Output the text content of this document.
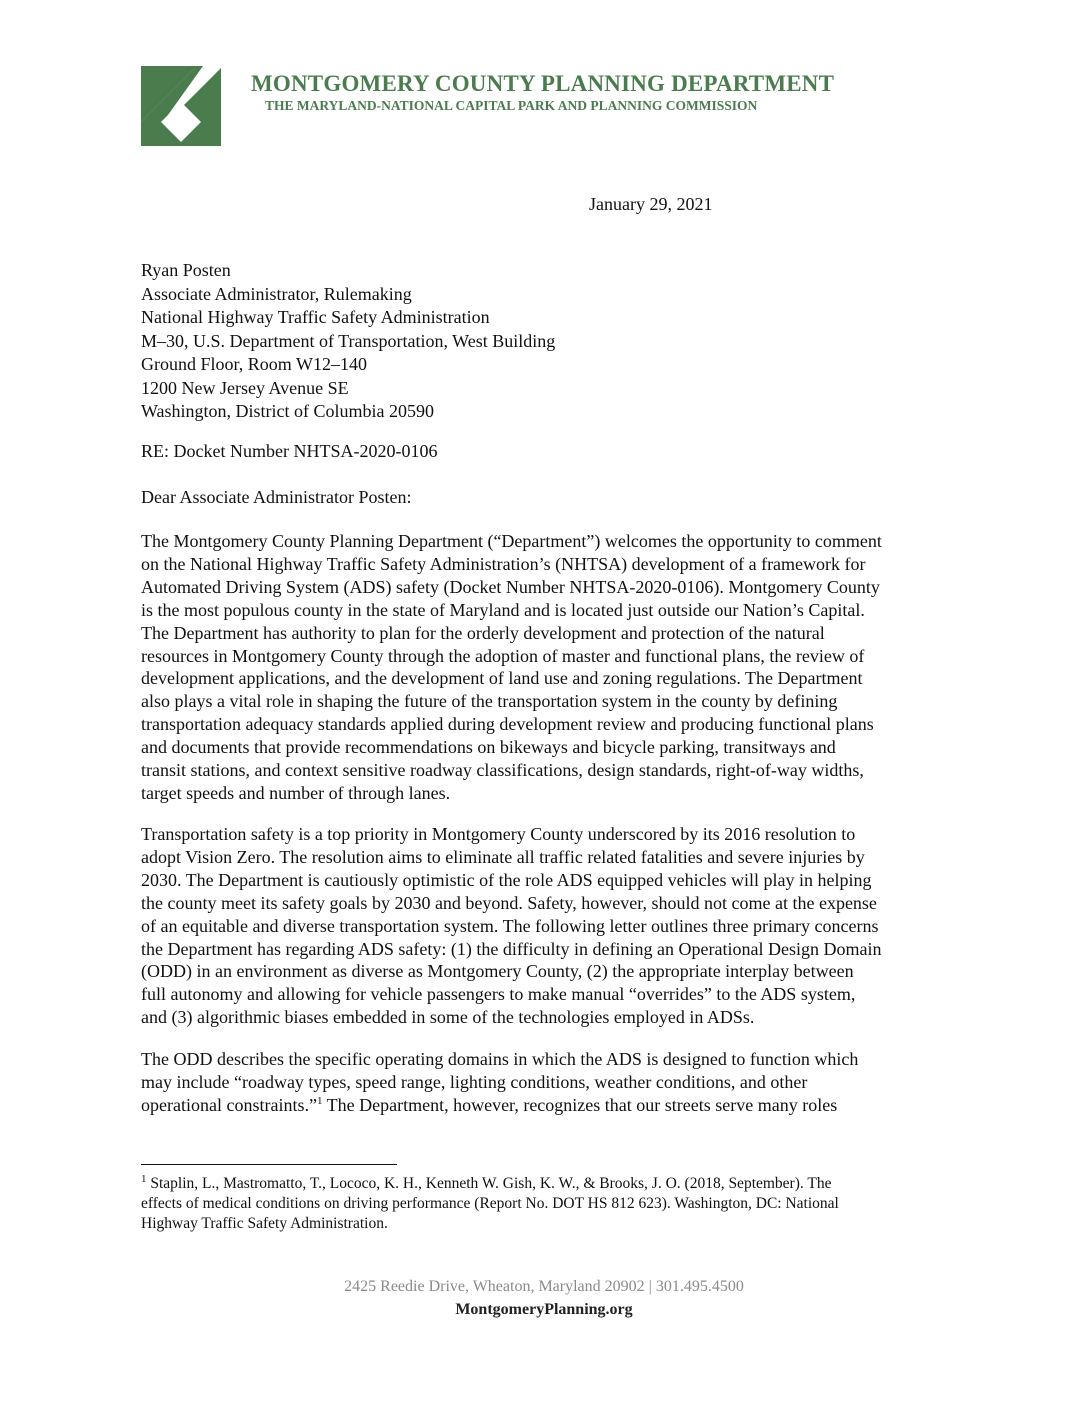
MONTGOMERY COUNTY PLANNING DEPARTMENT
THE MARYLAND-NATIONAL CAPITAL PARK AND PLANNING COMMISSION
January 29, 2021
Ryan Posten
Associate Administrator, Rulemaking
National Highway Traffic Safety Administration
M–30, U.S. Department of Transportation, West Building
Ground Floor, Room W12–140
1200 New Jersey Avenue SE
Washington, District of Columbia 20590
RE: Docket Number NHTSA-2020-0106
Dear Associate Administrator Posten:
The Montgomery County Planning Department (“Department”) welcomes the opportunity to comment
on the National Highway Traffic Safety Administration’s (NHTSA) development of a framework for
Automated Driving System (ADS) safety (Docket Number NHTSA-2020-0106). Montgomery County
is the most populous county in the state of Maryland and is located just outside our Nation’s Capital.
The Department has authority to plan for the orderly development and protection of the natural
resources in Montgomery County through the adoption of master and functional plans, the review of
development applications, and the development of land use and zoning regulations. The Department
also plays a vital role in shaping the future of the transportation system in the county by defining
transportation adequacy standards applied during development review and producing functional plans
and documents that provide recommendations on bikeways and bicycle parking, transitways and
transit stations, and context sensitive roadway classifications, design standards, right-of-way widths,
target speeds and number of through lanes.
Transportation safety is a top priority in Montgomery County underscored by its 2016 resolution to
adopt Vision Zero. The resolution aims to eliminate all traffic related fatalities and severe injuries by
2030. The Department is cautiously optimistic of the role ADS equipped vehicles will play in helping
the county meet its safety goals by 2030 and beyond. Safety, however, should not come at the expense
of an equitable and diverse transportation system. The following letter outlines three primary concerns
the Department has regarding ADS safety: (1) the difficulty in defining an Operational Design Domain
(ODD) in an environment as diverse as Montgomery County, (2) the appropriate interplay between
full autonomy and allowing for vehicle passengers to make manual “overrides” to the ADS system,
and (3) algorithmic biases embedded in some of the technologies employed in ADSs.
The ODD describes the specific operating domains in which the ADS is designed to function which
may include “roadway types, speed range, lighting conditions, weather conditions, and other
operational constraints.”$^1$ The Department, however, recognizes that our streets serve many roles
$^1$ Staplin, L., Mastromatto, T., Lococo, K. H., Kenneth W. Gish, K. W., & Brooks, J. O. (2018, September). The
effects of medical conditions on driving performance (Report No. DOT HS 812 623). Washington, DC: National
Highway Traffic Safety Administration.
2425 Reedie Drive, Wheaton, Maryland 20902 | 301.495.4500
MontgomeryPlanning.org
